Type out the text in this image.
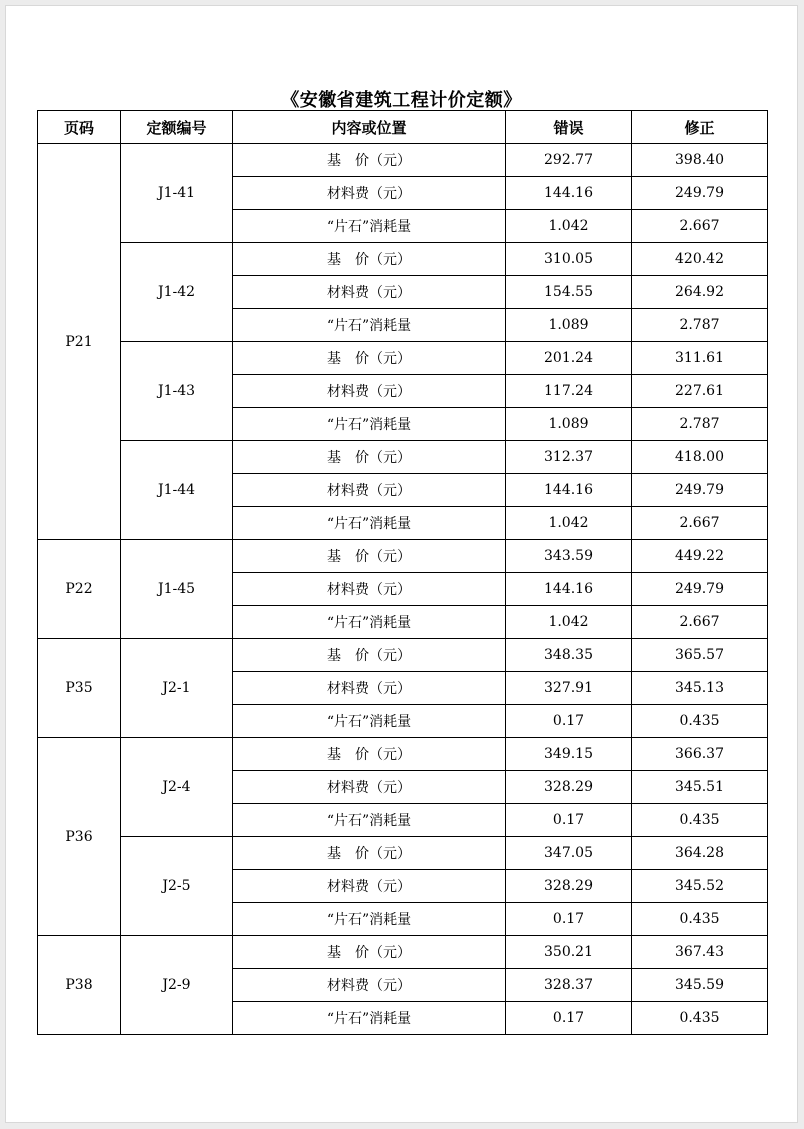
《安徽省建筑工程计价定额》
页码	定额编号	内容或位置	错误	修正
P21	J1-41	基　价（元）	292.77	398.40
		材料费（元）	144.16	249.79
		“片石”消耗量	1.042	2.667
	J1-42	基　价（元）	310.05	420.42
		材料费（元）	154.55	264.92
		“片石”消耗量	1.089	2.787
	J1-43	基　价（元）	201.24	311.61
		材料费（元）	117.24	227.61
		“片石”消耗量	1.089	2.787
	J1-44	基　价（元）	312.37	418.00
		材料费（元）	144.16	249.79
		“片石”消耗量	1.042	2.667
P22	J1-45	基　价（元）	343.59	449.22
		材料费（元）	144.16	249.79
		“片石”消耗量	1.042	2.667
P35	J2-1	基　价（元）	348.35	365.57
		材料费（元）	327.91	345.13
		“片石”消耗量	0.17	0.435
P36	J2-4	基　价（元）	349.15	366.37
		材料费（元）	328.29	345.51
		“片石”消耗量	0.17	0.435
	J2-5	基　价（元）	347.05	364.28
		材料费（元）	328.29	345.52
		“片石”消耗量	0.17	0.435
P38	J2-9	基　价（元）	350.21	367.43
		材料费（元）	328.37	345.59
		“片石”消耗量	0.17	0.435
